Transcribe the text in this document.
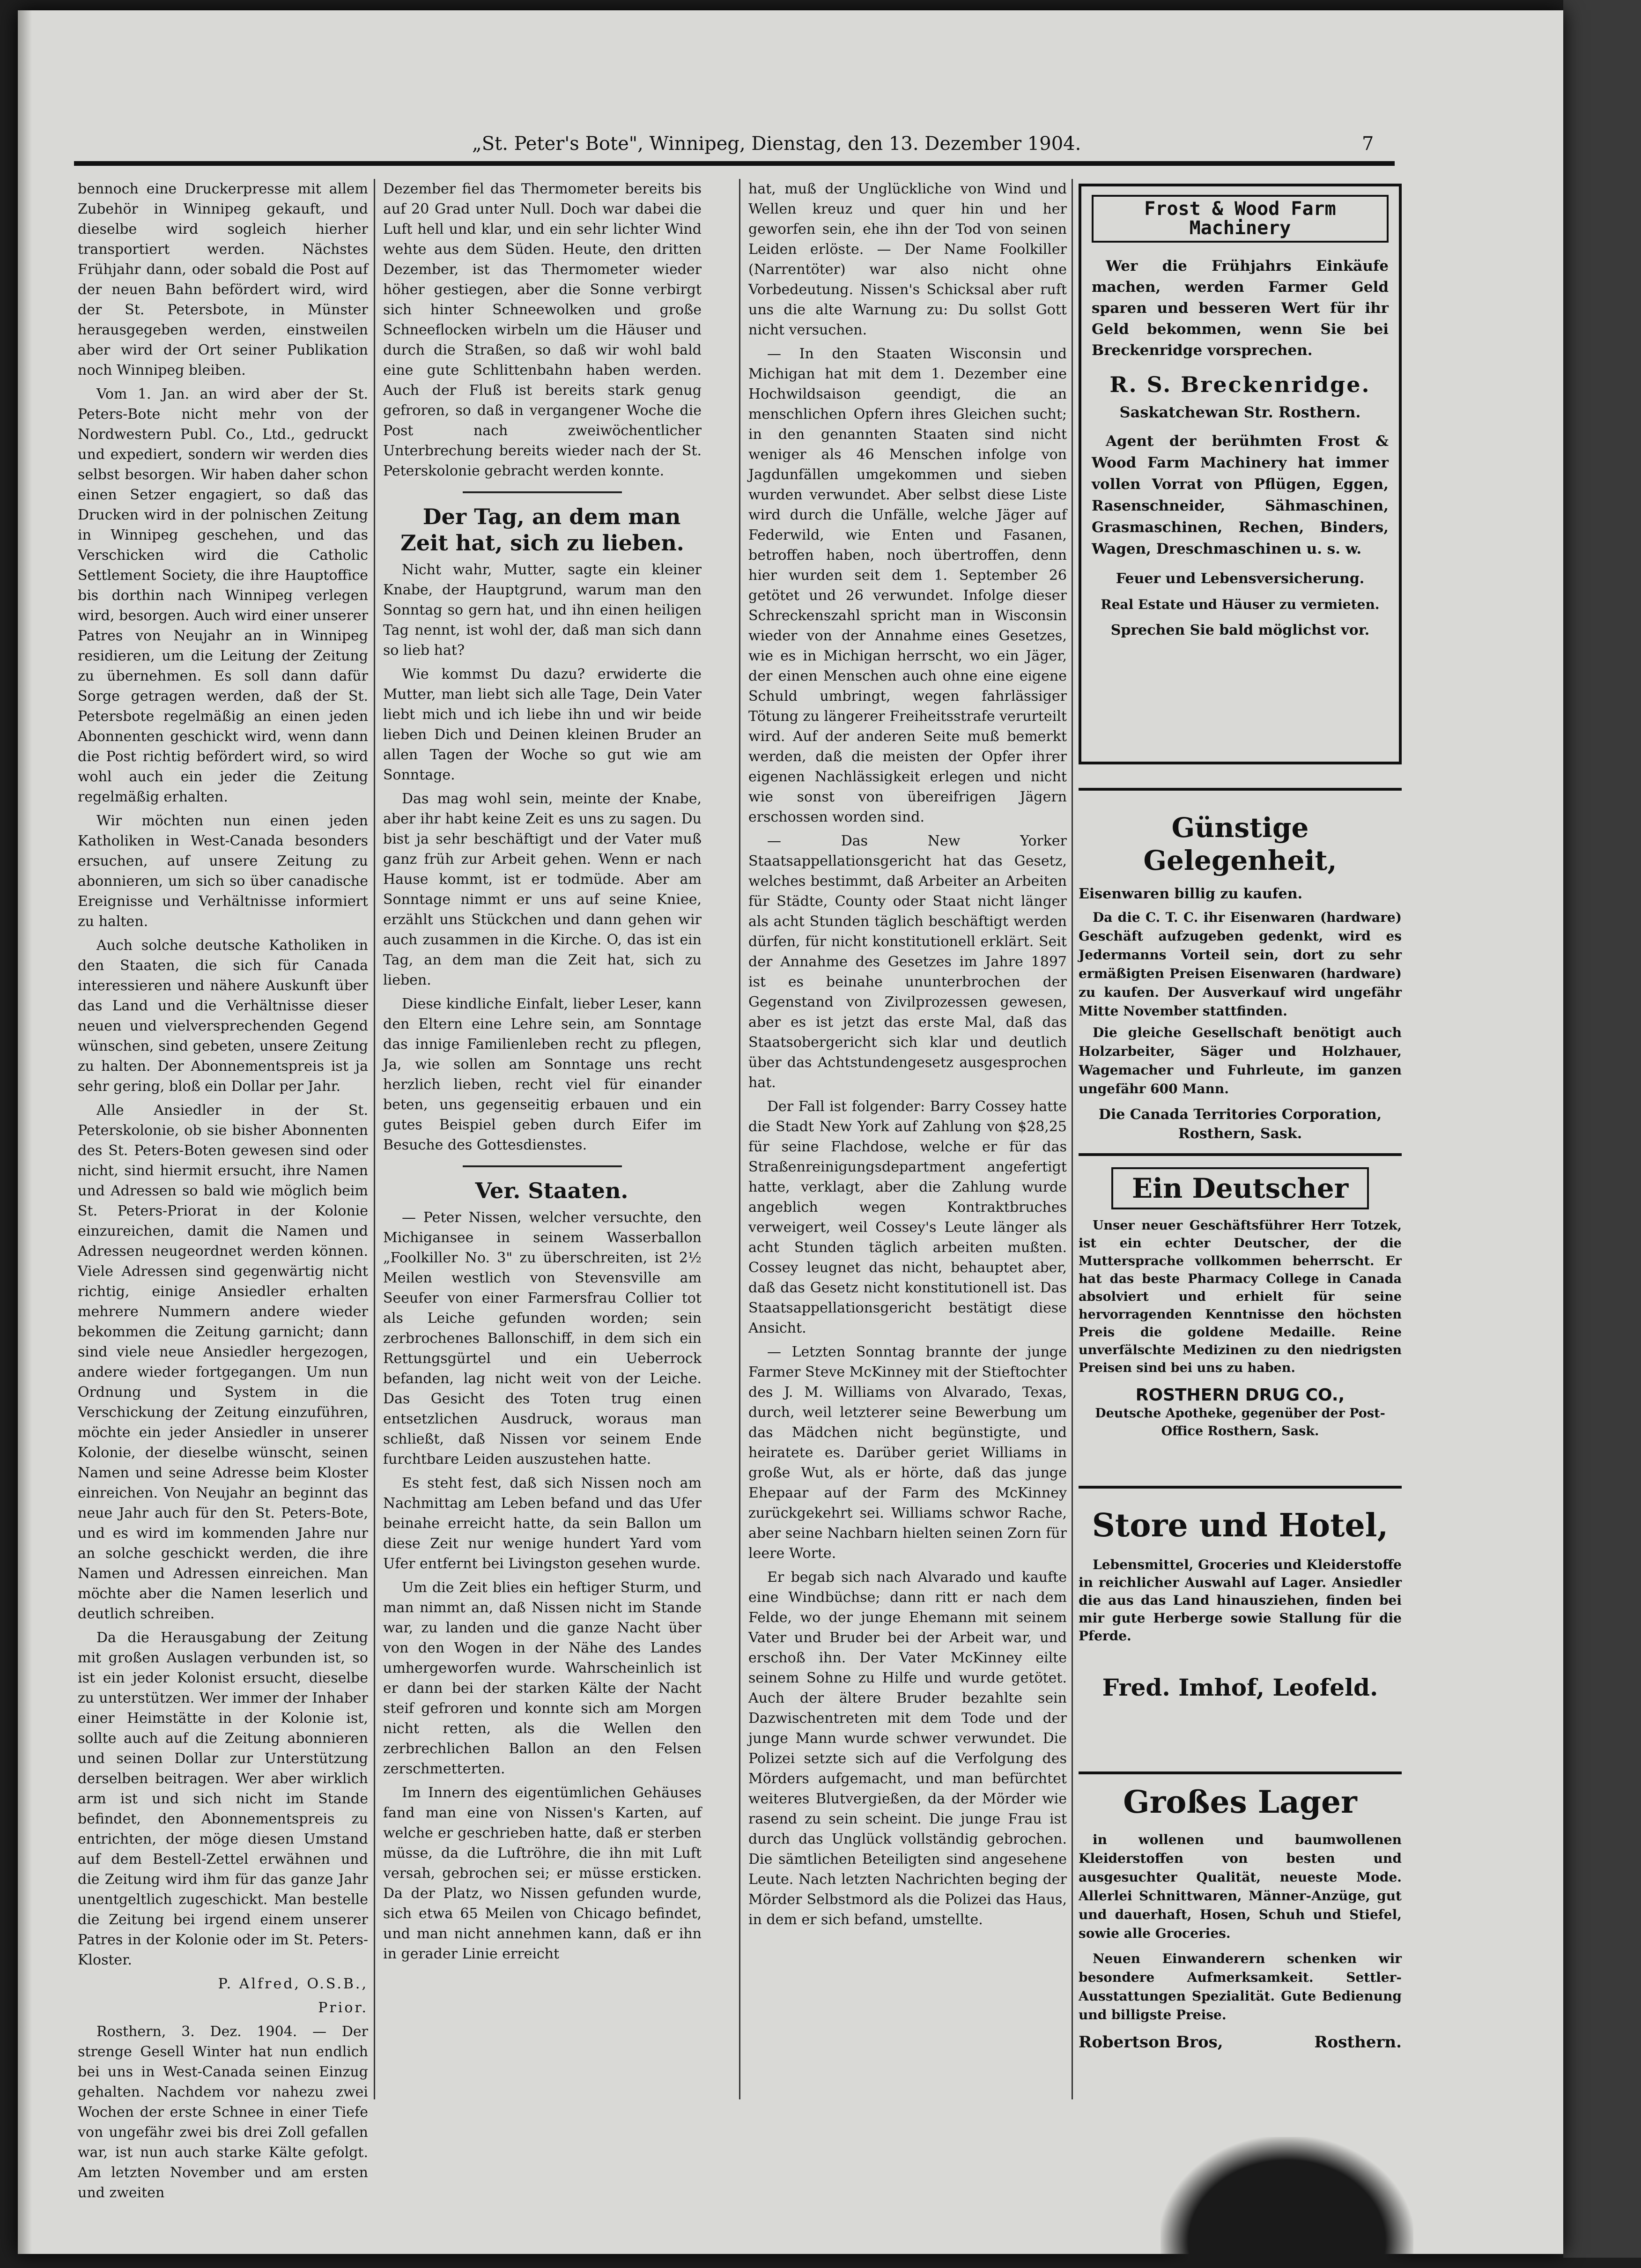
„St. Peter's Bote", Winnipeg, Dienstag, den 13. Dezember 1904.	7

bennoch eine Druckerpresse mit allem Zubehör in Winnipeg gekauft, und dieselbe wird sogleich hierher transportiert werden. Nächstes Frühjahr dann, oder sobald die Post auf der neuen Bahn befördert wird, wird der St. Petersbote, in Münster herausgegeben werden, einstweilen aber wird der Ort seiner Publikation noch Winnipeg bleiben.

Vom 1. Jan. an wird aber der St. Peters-Bote nicht mehr von der Nordwestern Publ. Co., Ltd., gedruckt und expediert, sondern wir werden dies selbst besorgen. Wir haben daher schon einen Setzer engagiert, so daß das Drucken wird in der polnischen Zeitung in Winnipeg geschehen, und das Verschicken wird die Catholic Settlement Society, die ihre Hauptoffice bis dorthin nach Winnipeg verlegen wird, besorgen. Auch wird einer unserer Patres von Neujahr an in Winnipeg residieren, um die Leitung der Zeitung zu übernehmen. Es soll dann dafür Sorge getragen werden, daß der St. Petersbote regelmäßig an einen jeden Abonnenten geschickt wird, wenn dann die Post richtig befördert wird, so wird wohl auch ein jeder die Zeitung regelmäßig erhalten.

Wir möchten nun einen jeden Katholiken in West-Canada besonders ersuchen, auf unsere Zeitung zu abonnieren, um sich so über canadische Ereignisse und Verhältnisse informiert zu halten.

Auch solche deutsche Katholiken in den Staaten, die sich für Canada interessieren und nähere Auskunft über das Land und die Verhältnisse dieser neuen und vielversprechenden Gegend wünschen, sind gebeten, unsere Zeitung zu halten. Der Abonnementspreis ist ja sehr gering, bloß ein Dollar per Jahr.

Alle Ansiedler in der St. Peterskolonie, ob sie bisher Abonnenten des St. Peters-Boten gewesen sind oder nicht, sind hiermit ersucht, ihre Namen und Adressen so bald wie möglich beim St. Peters-Priorat in der Kolonie einzureichen, damit die Namen und Adressen neugeordnet werden können. Viele Adressen sind gegenwärtig nicht richtig, einige Ansiedler erhalten mehrere Nummern andere wieder bekommen die Zeitung garnicht; dann sind viele neue Ansiedler hergezogen, andere wieder fortgegangen. Um nun Ordnung und System in die Verschickung der Zeitung einzuführen, möchte ein jeder Ansiedler in unserer Kolonie, der dieselbe wünscht, seinen Namen und seine Adresse beim Kloster einreichen. Von Neujahr an beginnt das neue Jahr auch für den St. Peters-Bote, und es wird im kommenden Jahre nur an solche geschickt werden, die ihre Namen und Adressen einreichen. Man möchte aber die Namen leserlich und deutlich schreiben.

Da die Herausgabung der Zeitung mit großen Auslagen verbunden ist, so ist ein jeder Kolonist ersucht, dieselbe zu unterstützen. Wer immer der Inhaber einer Heimstätte in der Kolonie ist, sollte auch auf die Zeitung abonnieren und seinen Dollar zur Unterstützung derselben beitragen. Wer aber wirklich arm ist und sich nicht im Stande befindet, den Abonnementspreis zu entrichten, der möge diesen Umstand auf dem Bestell-Zettel erwähnen und die Zeitung wird ihm für das ganze Jahr unentgeltlich zugeschickt. Man bestelle die Zeitung bei irgend einem unserer Patres in der Kolonie oder im St. Peters-Kloster.

P. Alfred, O.S.B.,

Prior.

Rosthern, 3. Dez. 1904. — Der strenge Gesell Winter hat nun endlich bei uns in West-Canada seinen Einzug gehalten. Nachdem vor nahezu zwei Wochen der erste Schnee in einer Tiefe von ungefähr zwei bis drei Zoll gefallen war, ist nun auch starke Kälte gefolgt. Am letzten November und am ersten und zweiten

Dezember fiel das Thermometer bereits bis auf 20 Grad unter Null. Doch war dabei die Luft hell und klar, und ein sehr lichter Wind wehte aus dem Süden. Heute, den dritten Dezember, ist das Thermometer wieder höher gestiegen, aber die Sonne verbirgt sich hinter Schneewolken und große Schneeflocken wirbeln um die Häuser und durch die Straßen, so daß wir wohl bald eine gute Schlittenbahn haben werden. Auch der Fluß ist bereits stark genug gefroren, so daß in vergangener Woche die Post nach zweiwöchentlicher Unterbrechung bereits wieder nach der St. Peterskolonie gebracht werden konnte.

Der Tag, an dem man Zeit hat, sich zu lieben.

Nicht wahr, Mutter, sagte ein kleiner Knabe, der Hauptgrund, warum man den Sonntag so gern hat, und ihn einen heiligen Tag nennt, ist wohl der, daß man sich dann so lieb hat?

Wie kommst Du dazu? erwiderte die Mutter, man liebt sich alle Tage, Dein Vater liebt mich und ich liebe ihn und wir beide lieben Dich und Deinen kleinen Bruder an allen Tagen der Woche so gut wie am Sonntage.

Das mag wohl sein, meinte der Knabe, aber ihr habt keine Zeit es uns zu sagen. Du bist ja sehr beschäftigt und der Vater muß ganz früh zur Arbeit gehen. Wenn er nach Hause kommt, ist er todmüde. Aber am Sonntage nimmt er uns auf seine Kniee, erzählt uns Stückchen und dann gehen wir auch zusammen in die Kirche. O, das ist ein Tag, an dem man die Zeit hat, sich zu lieben.

Diese kindliche Einfalt, lieber Leser, kann den Eltern eine Lehre sein, am Sonntage das innige Familienleben recht zu pflegen, Ja, wie sollen am Sonntage uns recht herzlich lieben, recht viel für einander beten, uns gegenseitig erbauen und ein gutes Beispiel geben durch Eifer im Besuche des Gottesdienstes.

Ver. Staaten.

— Peter Nissen, welcher versuchte, den Michigansee in seinem Wasserballon „Foolkiller No. 3" zu überschreiten, ist 2½ Meilen westlich von Stevensville am Seeufer von einer Farmersfrau Collier tot als Leiche gefunden worden; sein zerbrochenes Ballonschiff, in dem sich ein Rettungsgürtel und ein Ueberrock befanden, lag nicht weit von der Leiche. Das Gesicht des Toten trug einen entsetzlichen Ausdruck, woraus man schließt, daß Nissen vor seinem Ende furchtbare Leiden auszustehen hatte.

Es steht fest, daß sich Nissen noch am Nachmittag am Leben befand und das Ufer beinahe erreicht hatte, da sein Ballon um diese Zeit nur wenige hundert Yard vom Ufer entfernt bei Livingston gesehen wurde.

Um die Zeit blies ein heftiger Sturm, und man nimmt an, daß Nissen nicht im Stande war, zu landen und die ganze Nacht über von den Wogen in der Nähe des Landes umhergeworfen wurde. Wahrscheinlich ist er dann bei der starken Kälte der Nacht steif gefroren und konnte sich am Morgen nicht retten, als die Wellen den zerbrechlichen Ballon an den Felsen zerschmetterten.

Im Innern des eigentümlichen Gehäuses fand man eine von Nissen's Karten, auf welche er geschrieben hatte, daß er sterben müsse, da die Luftröhre, die ihn mit Luft versah, gebrochen sei; er müsse ersticken. Da der Platz, wo Nissen gefunden wurde, sich etwa 65 Meilen von Chicago befindet, und man nicht annehmen kann, daß er ihn in gerader Linie erreicht

hat, muß der Unglückliche von Wind und Wellen kreuz und quer hin und her geworfen sein, ehe ihn der Tod von seinen Leiden erlöste. — Der Name Foolkiller (Narrentöter) war also nicht ohne Vorbedeutung. Nissen's Schicksal aber ruft uns die alte Warnung zu: Du sollst Gott nicht versuchen.

— In den Staaten Wisconsin und Michigan hat mit dem 1. Dezember eine Hochwildsaison geendigt, die an menschlichen Opfern ihres Gleichen sucht; in den genannten Staaten sind nicht weniger als 46 Menschen infolge von Jagdunfällen umgekommen und sieben wurden verwundet. Aber selbst diese Liste wird durch die Unfälle, welche Jäger auf Federwild, wie Enten und Fasanen, betroffen haben, noch übertroffen, denn hier wurden seit dem 1. September 26 getötet und 26 verwundet. Infolge dieser Schreckenszahl spricht man in Wisconsin wieder von der Annahme eines Gesetzes, wie es in Michigan herrscht, wo ein Jäger, der einen Menschen auch ohne eine eigene Schuld umbringt, wegen fahrlässiger Tötung zu längerer Freiheitsstrafe verurteilt wird. Auf der anderen Seite muß bemerkt werden, daß die meisten der Opfer ihrer eigenen Nachlässigkeit erlegen und nicht wie sonst von übereifrigen Jägern erschossen worden sind.

— Das New Yorker Staatsappellationsgericht hat das Gesetz, welches bestimmt, daß Arbeiter an Arbeiten für Städte, County oder Staat nicht länger als acht Stunden täglich beschäftigt werden dürfen, für nicht konstitutionell erklärt. Seit der Annahme des Gesetzes im Jahre 1897 ist es beinahe ununterbrochen der Gegenstand von Zivilprozessen gewesen, aber es ist jetzt das erste Mal, daß das Staatsobergericht sich klar und deutlich über das Achtstundengesetz ausgesprochen hat.

Der Fall ist folgender: Barry Cossey hatte die Stadt New York auf Zahlung von $28,25 für seine Flachdose, welche er für das Straßenreinigungsdepartment angefertigt hatte, verklagt, aber die Zahlung wurde angeblich wegen Kontraktbruches verweigert, weil Cossey's Leute länger als acht Stunden täglich arbeiten mußten. Cossey leugnet das nicht, behauptet aber, daß das Gesetz nicht konstitutionell ist. Das Staatsappellationsgericht bestätigt diese Ansicht.

— Letzten Sonntag brannte der junge Farmer Steve McKinney mit der Stieftochter des J. M. Williams von Alvarado, Texas, durch, weil letzterer seine Bewerbung um das Mädchen nicht begünstigte, und heiratete es. Darüber geriet Williams in große Wut, als er hörte, daß das junge Ehepaar auf der Farm des McKinney zurückgekehrt sei. Williams schwor Rache, aber seine Nachbarn hielten seinen Zorn für leere Worte.

Er begab sich nach Alvarado und kaufte eine Windbüchse; dann ritt er nach dem Felde, wo der junge Ehemann mit seinem Vater und Bruder bei der Arbeit war, und erschoß ihn. Der Vater McKinney eilte seinem Sohne zu Hilfe und wurde getötet. Auch der ältere Bruder bezahlte sein Dazwischentreten mit dem Tode und der junge Mann wurde schwer verwundet. Die Polizei setzte sich auf die Verfolgung des Mörders aufgemacht, und man befürchtet weiteres Blutvergießen, da der Mörder wie rasend zu sein scheint. Die junge Frau ist durch das Unglück vollständig gebrochen. Die sämtlichen Beteiligten sind angesehene Leute. Nach letzten Nachrichten beging der Mörder Selbstmord als die Polizei das Haus, in dem er sich befand, umstellte.

Frost & Wood Farm Machinery
Wer die Frühjahrs Einkäufe machen, werden Farmer Geld sparen und besseren Wert für ihr Geld bekommen, wenn Sie bei Breckenridge vorsprechen.
R. S. Breckenridge.
Saskatchewan Str. Rosthern.
Agent der berühmten Frost & Wood Farm Machinery hat immer vollen Vorrat von Pflügen, Eggen, Rasenschneider, Sähmaschinen, Grasmaschinen, Rechen, Binders, Wagen, Dreschmaschinen u. s. w.
Feuer und Lebensversicherung.
Real Estate und Häuser zu vermieten.
Sprechen Sie bald möglichst vor.
Günstige Gelegenheit,
Eisenwaren billig zu kaufen.
Da die C. T. C. ihr Eisenwaren (hardware) Geschäft aufzugeben gedenkt, wird es Jedermanns Vorteil sein, dort zu sehr ermäßigten Preisen Eisenwaren (hardware) zu kaufen. Der Ausverkauf wird ungefähr Mitte November stattfinden.
Die gleiche Gesellschaft benötigt auch Holzarbeiter, Säger und Holzhauer, Wagemacher und Fuhrleute, im ganzen ungefähr 600 Mann.
Die Canada Territories Corporation,
Rosthern, Sask.
Ein Deutscher
Unser neuer Geschäftsführer Herr Totzek, ist ein echter Deutscher, der die Muttersprache vollkommen beherrscht. Er hat das beste Pharmacy College in Canada absolviert und erhielt für seine hervorragenden Kenntnisse den höchsten Preis die goldene Medaille. Reine unverfälschte Medizinen zu den niedrigsten Preisen sind bei uns zu haben.
ROSTHERN DRUG CO.,
Deutsche Apotheke, gegenüber der Post-Office Rosthern, Sask.
Store und Hotel,
Lebensmittel, Groceries und Kleiderstoffe in reichlicher Auswahl auf Lager. Ansiedler die aus das Land hinausziehen, finden bei mir gute Herberge sowie Stallung für die Pferde.
Fred. Imhof, Leofeld.
Großes Lager
in wollenen und baumwollenen Kleiderstoffen von besten und ausgesuchter Qualität, neueste Mode. Allerlei Schnittwaren, Männer-Anzüge, gut und dauerhaft, Hosen, Schuh und Stiefel, sowie alle Groceries.
Neuen Einwanderern schenken wir besondere Aufmerksamkeit. Settler-Ausstattungen Spezialität. Gute Bedienung und billigste Preise.
Robertson Bros,	Rosthern.
